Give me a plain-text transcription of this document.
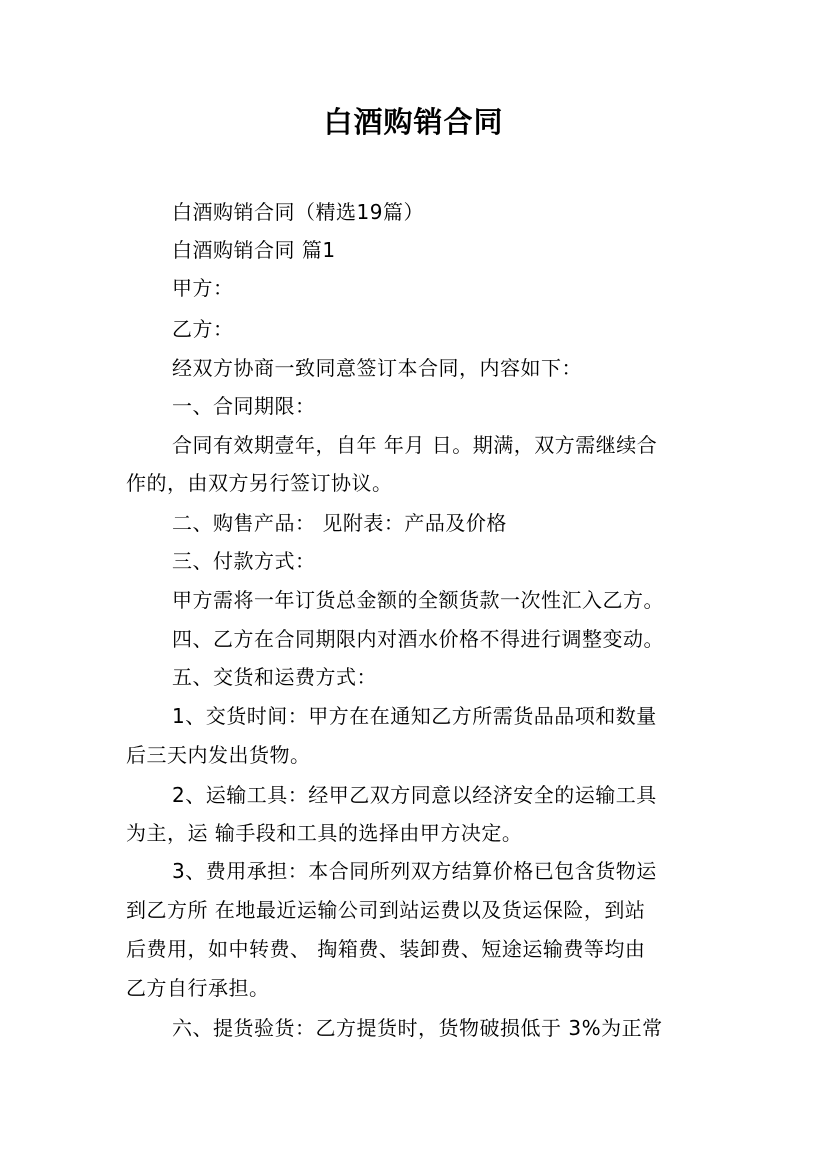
白酒购销合同
白酒购销合同（精选19篇）
白酒购销合同 篇1
甲方：
乙方：
经双方协商一致同意签订本合同，内容如下：
一、合同期限：
合同有效期壹年，自年 年月 日。期满，双方需继续合
作的，由双方另行签订协议。
二、购售产品： 见附表：产品及价格
三、付款方式：
甲方需将一年订货总金额的全额货款一次性汇入乙方。
四、乙方在合同期限内对酒水价格不得进行调整变动。
五、交货和运费方式：
1、交货时间：甲方在在通知乙方所需货品品项和数量
后三天内发出货物。
2、运输工具：经甲乙双方同意以经济安全的运输工具
为主，运 输手段和工具的选择由甲方决定。
3、费用承担：本合同所列双方结算价格已包含货物运
到乙方所 在地最近运输公司到站运费以及货运保险，到站
后费用，如中转费、 掏箱费、装卸费、短途运输费等均由
乙方自行承担。
六、提货验货：乙方提货时，货物破损低于 3%为正常
